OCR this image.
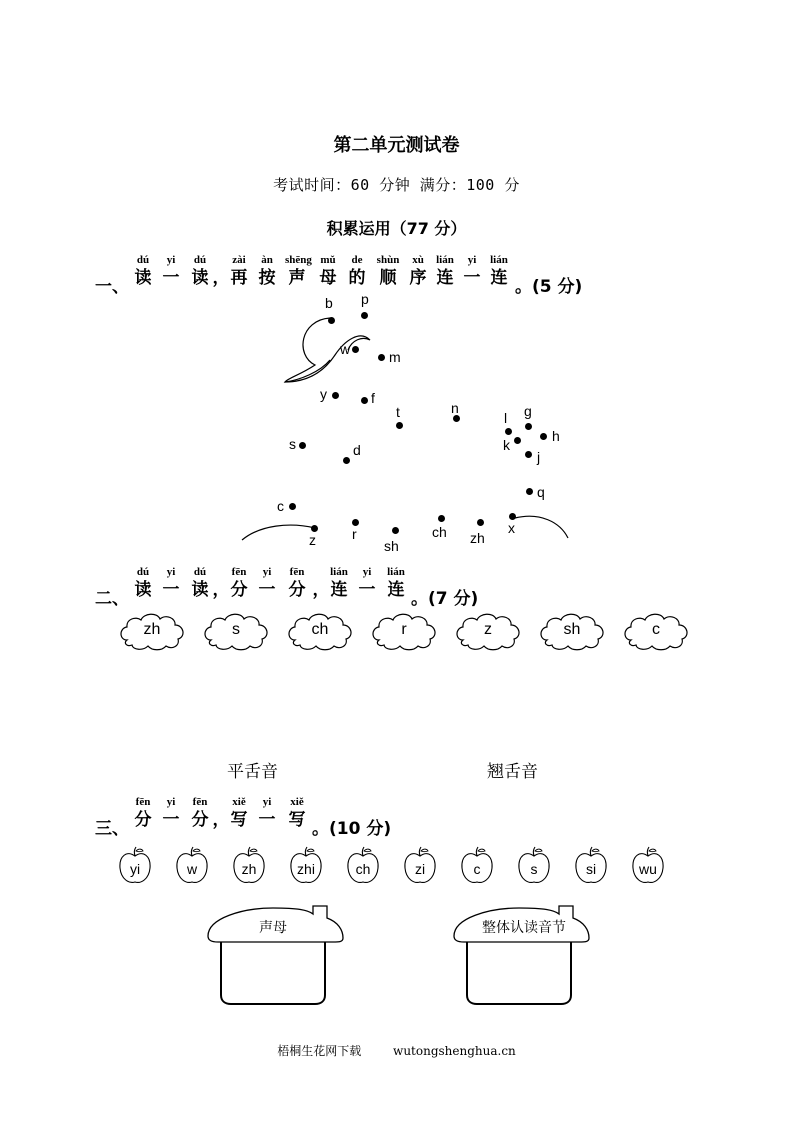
第二单元测试卷
考试时间：60 分钟 满分：100 分
积累运用（77 分）
一、
dú
读
yi
一
dú
读 ，
zài
再
àn
按
shēng
声
mǔ
母
de
的
shùn
顺
xù
序
lián
连
yi
一
lián
连 。(5 分)
b p
w	m
y	f
t	n
l g
k
h
j
s	d
q
c
z	r
sh
ch zh
x
二、
dú
读
yi
一
dú
读 ，
fēn
分
yi
一
fēn
分 ，
lián
连
yi
一
lián
连 。(7 分)
zh	s	ch	r	z	sh	c
平舌音	翘舌音
三、
fēn
分
yi
一
fēn
分 ，
xiě
写
yi
一
xiě
写 。(10 分)
yi	w	zh	zhi	ch	zi	c	s	si	wu
声母	整体认读音节
梧桐生花网下载	wutongshenghua.cn
